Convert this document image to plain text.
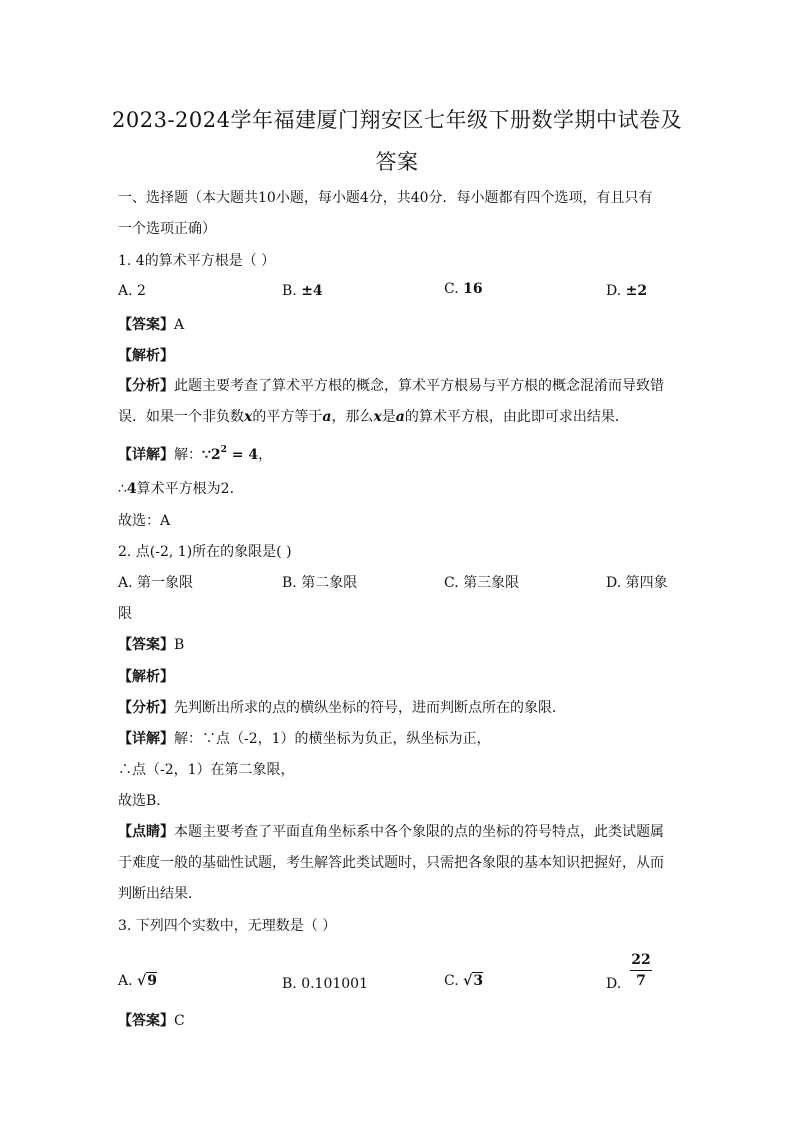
2023-2024学年福建厦门翔安区七年级下册数学期中试卷及
答案
一、选择题（本大题共10小题，每小题4分，共40分．每小题都有四个选项，有且只有
一个选项正确）
1. 4的算术平方根是（ ）
A. 2	B. ±4	C. 16	D. ±2
【答案】A
【解析】
【分析】此题主要考查了算术平方根的概念，算术平方根易与平方根的概念混淆而导致错
误．如果一个非负数x的平方等于a，那么x是a的算术平方根，由此即可求出结果．
【详解】解：$\because 2^2 = 4$，
∴4算术平方根为2．
故选：A
2. 点(-2, 1)所在的象限是( )
A. 第一象限	B. 第二象限	C. 第三象限	D. 第四象
限
【答案】B
【解析】
【分析】先判断出所求的点的横纵坐标的符号，进而判断点所在的象限．
【详解】解：∵点（-2，1）的横坐标为负正，纵坐标为正，
∴点（-2，1）在第二象限，
故选B．
【点睛】本题主要考查了平面直角坐标系中各个象限的点的坐标的符号特点，此类试题属
于难度一般的基础性试题，考生解答此类试题时，只需把各象限的基本知识把握好，从而
判断出结果．
3. 下列四个实数中，无理数是（ ）
A. √9	B. 0.101001	C. √3	D.
22
7
【答案】C
